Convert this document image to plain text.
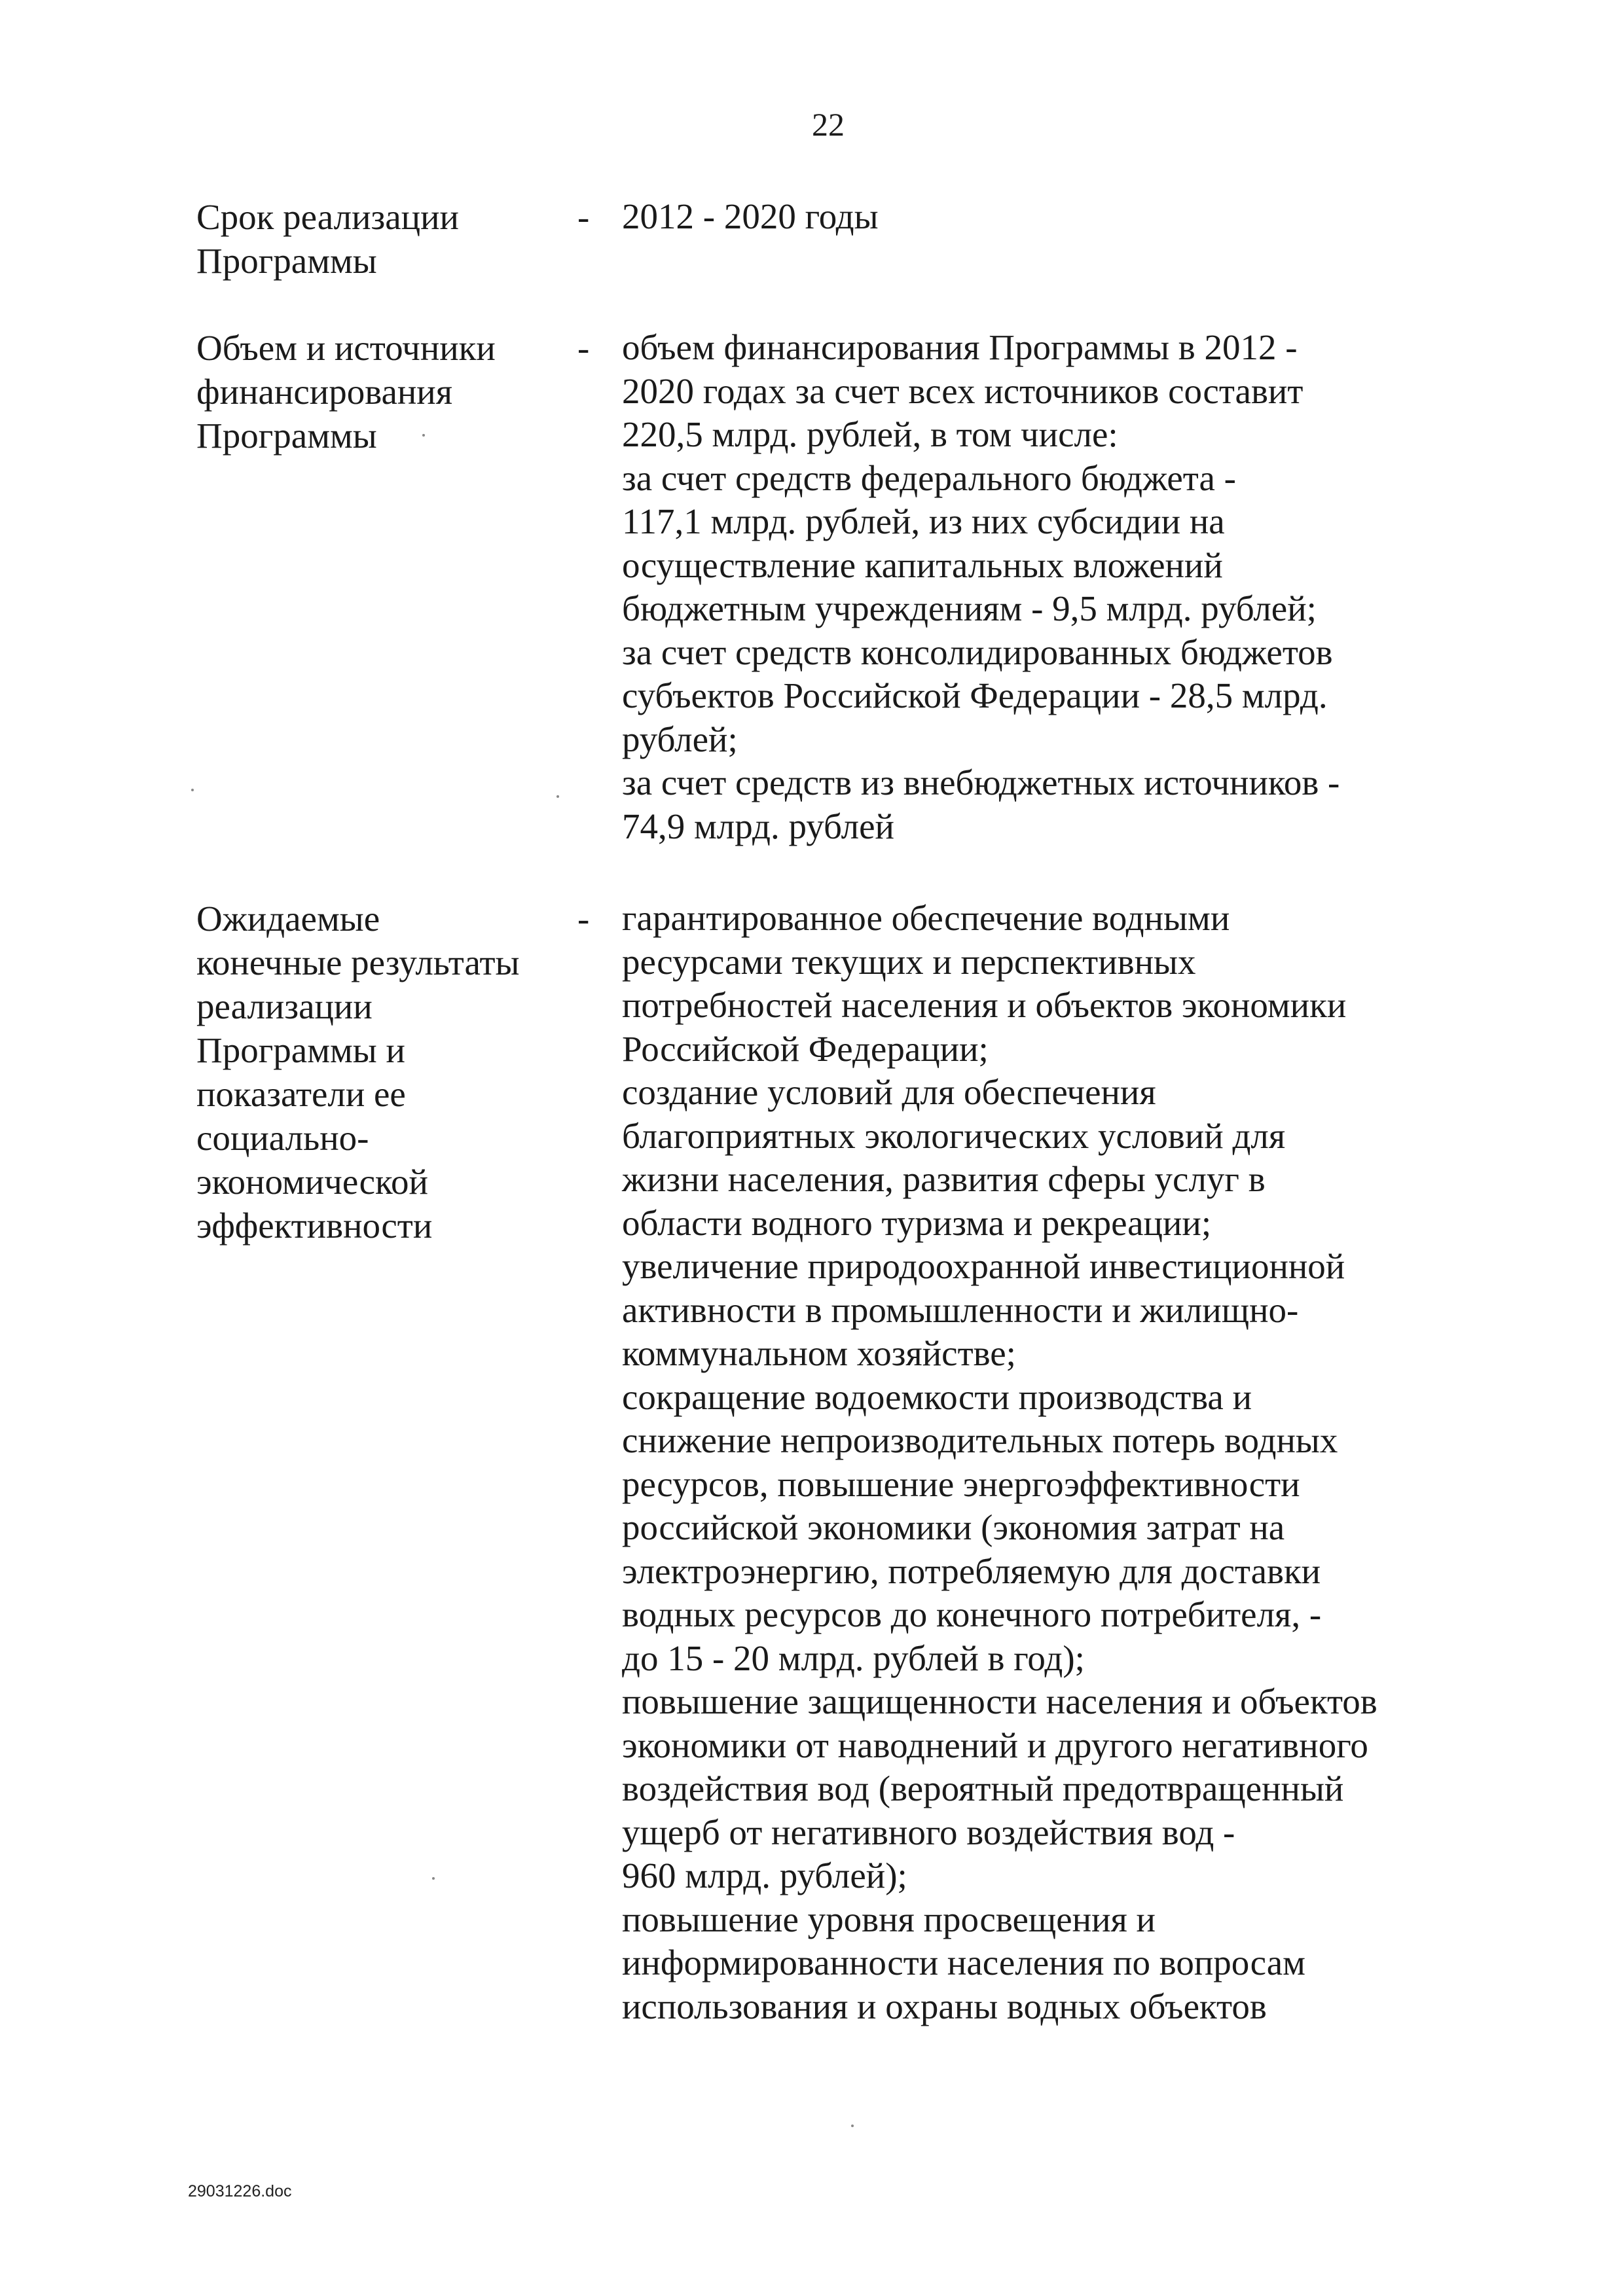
22
Срок реализации
Программы
- 2012 - 2020 годы
Объем и источники
финансирования
Программы
- объем финансирования Программы в 2012 -
2020 годах за счет всех источников составит
220,5 млрд. рублей, в том числе:
за счет средств федерального бюджета -
117,1 млрд. рублей, из них субсидии на
осуществление капитальных вложений
бюджетным учреждениям - 9,5 млрд. рублей;
за счет средств консолидированных бюджетов
субъектов Российской Федерации - 28,5 млрд.
рублей;
за счет средств из внебюджетных источников -
74,9 млрд. рублей
Ожидаемые
конечные результаты
реализации
Программы и
показатели ее
социально-
экономической
эффективности
- гарантированное обеспечение водными
ресурсами текущих и перспективных
потребностей населения и объектов экономики
Российской Федерации;
создание условий для обеспечения
благоприятных экологических условий для
жизни населения, развития сферы услуг в
области водного туризма и рекреации;
увеличение природоохранной инвестиционной
активности в промышленности и жилищно-
коммунальном хозяйстве;
сокращение водоемкости производства и
снижение непроизводительных потерь водных
ресурсов, повышение энергоэффективности
российской экономики (экономия затрат на
электроэнергию, потребляемую для доставки
водных ресурсов до конечного потребителя, -
до 15 - 20 млрд. рублей в год);
повышение защищенности населения и объектов
экономики от наводнений и другого негативного
воздействия вод (вероятный предотвращенный
ущерб от негативного воздействия вод -
960 млрд. рублей);
повышение уровня просвещения и
информированности населения по вопросам
использования и охраны водных объектов
29031226.doc
